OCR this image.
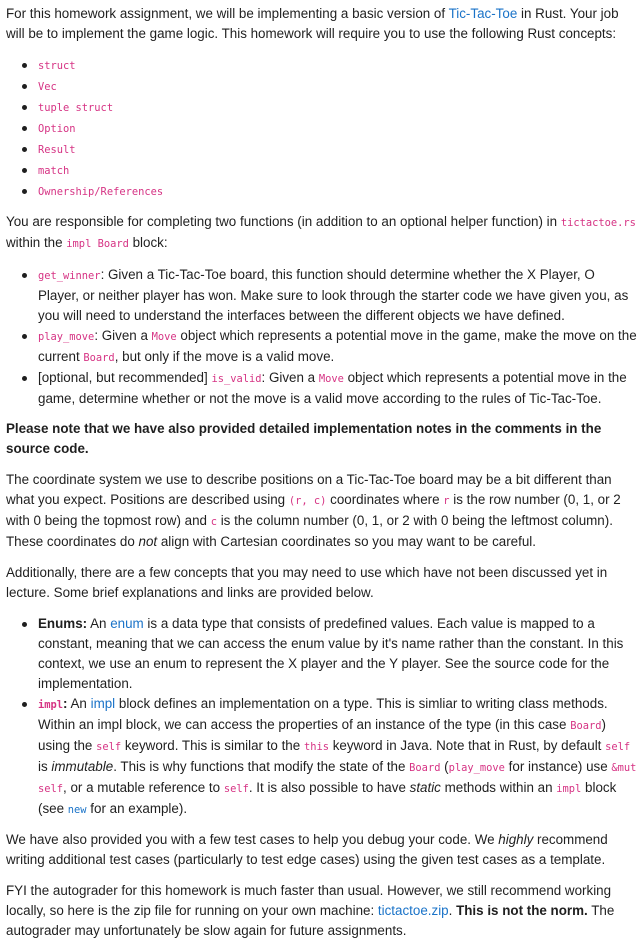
For this homework assignment, we will be implementing a basic version of Tic-Tac-Toe in Rust. Your job will be to implement the game logic. This homework will require you to use the following Rust concepts:

struct
Vec
tuple struct
Option
Result
match
Ownership/References

You are responsible for completing two functions (in addition to an optional helper function) in tictactoe.rs within the impl Board block:

get_winner: Given a Tic-Tac-Toe board, this function should determine whether the X Player, O Player, or neither player has won. Make sure to look through the starter code we have given you, as you will need to understand the interfaces between the different objects we have defined.
play_move: Given a Move object which represents a potential move in the game, make the move on the current Board, but only if the move is a valid move.
[optional, but recommended] is_valid: Given a Move object which represents a potential move in the game, determine whether or not the move is a valid move according to the rules of Tic-Tac-Toe.

Please note that we have also provided detailed implementation notes in the comments in the source code.

The coordinate system we use to describe positions on a Tic-Tac-Toe board may be a bit different than what you expect. Positions are described using (r, c) coordinates where r is the row number (0, 1, or 2 with 0 being the topmost row) and c is the column number (0, 1, or 2 with 0 being the leftmost column). These coordinates do not align with Cartesian coordinates so you may want to be careful.

Additionally, there are a few concepts that you may need to use which have not been discussed yet in lecture. Some brief explanations and links are provided below.

Enums: An enum is a data type that consists of predefined values. Each value is mapped to a constant, meaning that we can access the enum value by it's name rather than the constant. In this context, we use an enum to represent the X player and the Y player. See the source code for the implementation.
impl: An impl block defines an implementation on a type. This is simliar to writing class methods. Within an impl block, we can access the properties of an instance of the type (in this case Board) using the self keyword. This is similar to the this keyword in Java. Note that in Rust, by default self is immutable. This is why functions that modify the state of the Board (play_move for instance) use &mut self, or a mutable reference to self. It is also possible to have static methods within an impl block (see new for an example).

We have also provided you with a few test cases to help you debug your code. We highly recommend writing additional test cases (particularly to test edge cases) using the given test cases as a template.

FYI the autograder for this homework is much faster than usual. However, we still recommend working locally, so here is the zip file for running on your own machine: tictactoe.zip. This is not the norm. The autograder may unfortunately be slow again for future assignments.
